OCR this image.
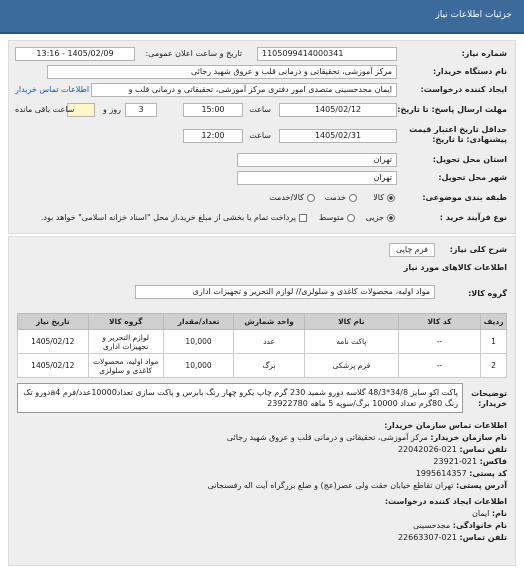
جزئیات اطلاعات نیاز
شماره نیاز:
1105099414000341
تاریخ و ساعت اعلان عمومی:
1405/02/09 - 13:16
نام دستگاه خریدار:
مرکز آموزشی، تحقیقاتی و درمانی قلب و عروق شهید رجائی
ایجاد کننده درخواست:
ایمان مجدحسینی متصدی امور دفتری مرکز آموزشی، تحقیقاتی و درمانی قلب و
اطلاعات تماس خریدار
مهلت ارسال پاسخ: تا تاریخ:
1405/02/12
ساعت
15:00
3
روز و
ساعت باقی مانده
حداقل تاریخ اعتبار قیمت پیشنهادی: تا تاریخ:
1405/02/31
ساعت
12:00
استان محل تحویل:
تهران
شهر محل تحویل:
تهران
طبقه بندی موضوعی:
کالا
خدمت
کالا/خدمت
نوع فرآیند خرید :
جزیی
متوسط
پرداخت تمام یا بخشی از مبلغ خرید،از محل "اسناد خزانه اسلامی" خواهد بود.
شرح کلی نیاز:
فرم چاپی
اطلاعات کالاهای مورد نیاز
گروه کالا:
مواد اولیه، محصولات کاغذی و سلولزی// لوازم التحریر و تجهیزات اداری
ردیف	کد کالا	نام کالا	واحد شمارش	تعداد/مقدار	گروه کالا	تاریخ نیاز
1	--	پاکت نامه	عدد	10,000	لوازم التحریر و تجهیزات اداری	1405/02/12
2	--	فرم پزشکی	برگ	10,000	مواد اولیه، محصولات کاغذی و سلولزی	1405/02/12
توضیحات خریدار:
پاکت اکو سایز 34/8*48/3 گلاسه دورو شمید 230 گرم چاپ یکرو چهار رنگ بابرس و پاکت سازی تعداد10000عدد/فرم a4دورو تک رنگ 80گرم تعداد 10000 برگ/سوپه 5 ماهه 23922780
اطلاعات تماس سازمان خریدار:
نام سازمان خریدار: مرکز آموزشی، تحقیقاتی و درمانی قلب و عروق شهید رجائی
تلفن تماس: 021-22042026
فاکس: 021-23921
کد پستی: 1995614357
آدرس پستی: تهران تقاطع خیابان حقت ولی عصر(عج) و ضلع بزرگراه آیت اله رفسنجانی
اطلاعات ایجاد کننده درخواست:
نام: ایمان
نام خانوادگی: مجدحسینی
تلفن تماس: 021-22663307
